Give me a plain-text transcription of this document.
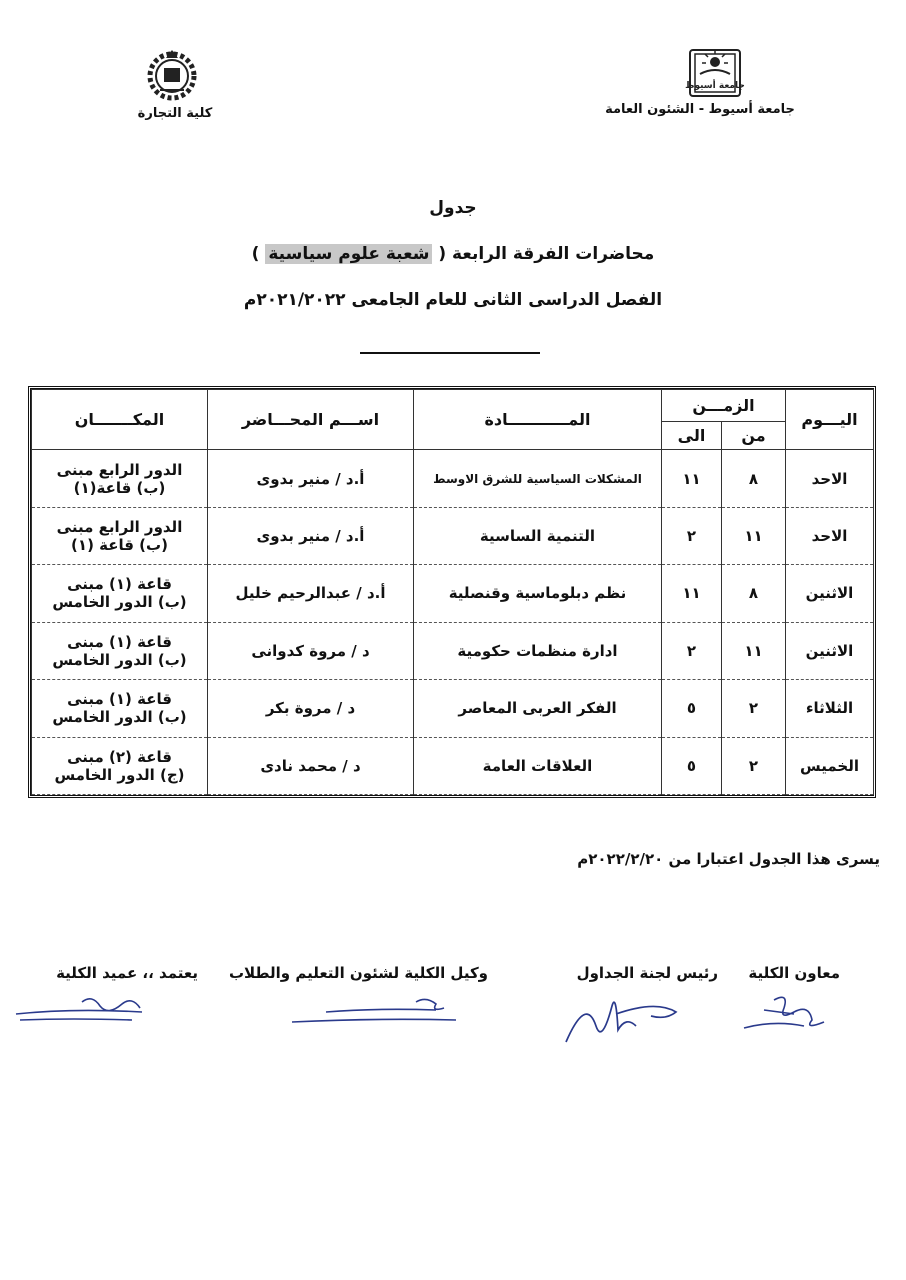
جامعة أسيوط
جامعة أسيوط - الشئون العامة
كلية التجارة
جدول
محاضرات الفرقة الرابعة ( شعبة علوم سياسية )
الفصل الدراسى الثانى للعام الجامعى ٢٠٢١/٢٠٢٢م
اليـــوم	الزمـــن		المـــــــــــادة	اســـم المحـــاضر	المكـــــــان
	من	الى			
الاحد	٨	١١	المشكلات السياسية للشرق الاوسط	أ.د / منير بدوى	الدور الرابع مبنى
(ب) قاعة(١)

الاحد	١١	٢	التنمية الساسية	أ.د / منير بدوى	الدور الرابع مبنى
(ب) قاعة (١)

الاثنين	٨	١١	نظم دبلوماسية وقنصلية	أ.د / عبدالرحيم خليل	قاعة (١) مبنى
(ب) الدور الخامس

الاثنين	١١	٢	ادارة منظمات حكومية	د / مروة كدوانى	قاعة (١) مبنى
(ب) الدور الخامس

الثلاثاء	٢	٥	الفكر العربى المعاصر	د / مروة بكر	قاعة (١) مبنى
(ب) الدور الخامس

الخميس	٢	٥	العلاقات العامة	د / محمد نادى	قاعة (٢) مبنى
(ج) الدور الخامس
يسرى هذا الجدول اعتبارا من ٢٠٢٢/٢/٢٠م
معاون الكلية
رئيس لجنة الجداول
وكيل الكلية لشئون التعليم والطلاب
يعتمد ،، عميد الكلية
